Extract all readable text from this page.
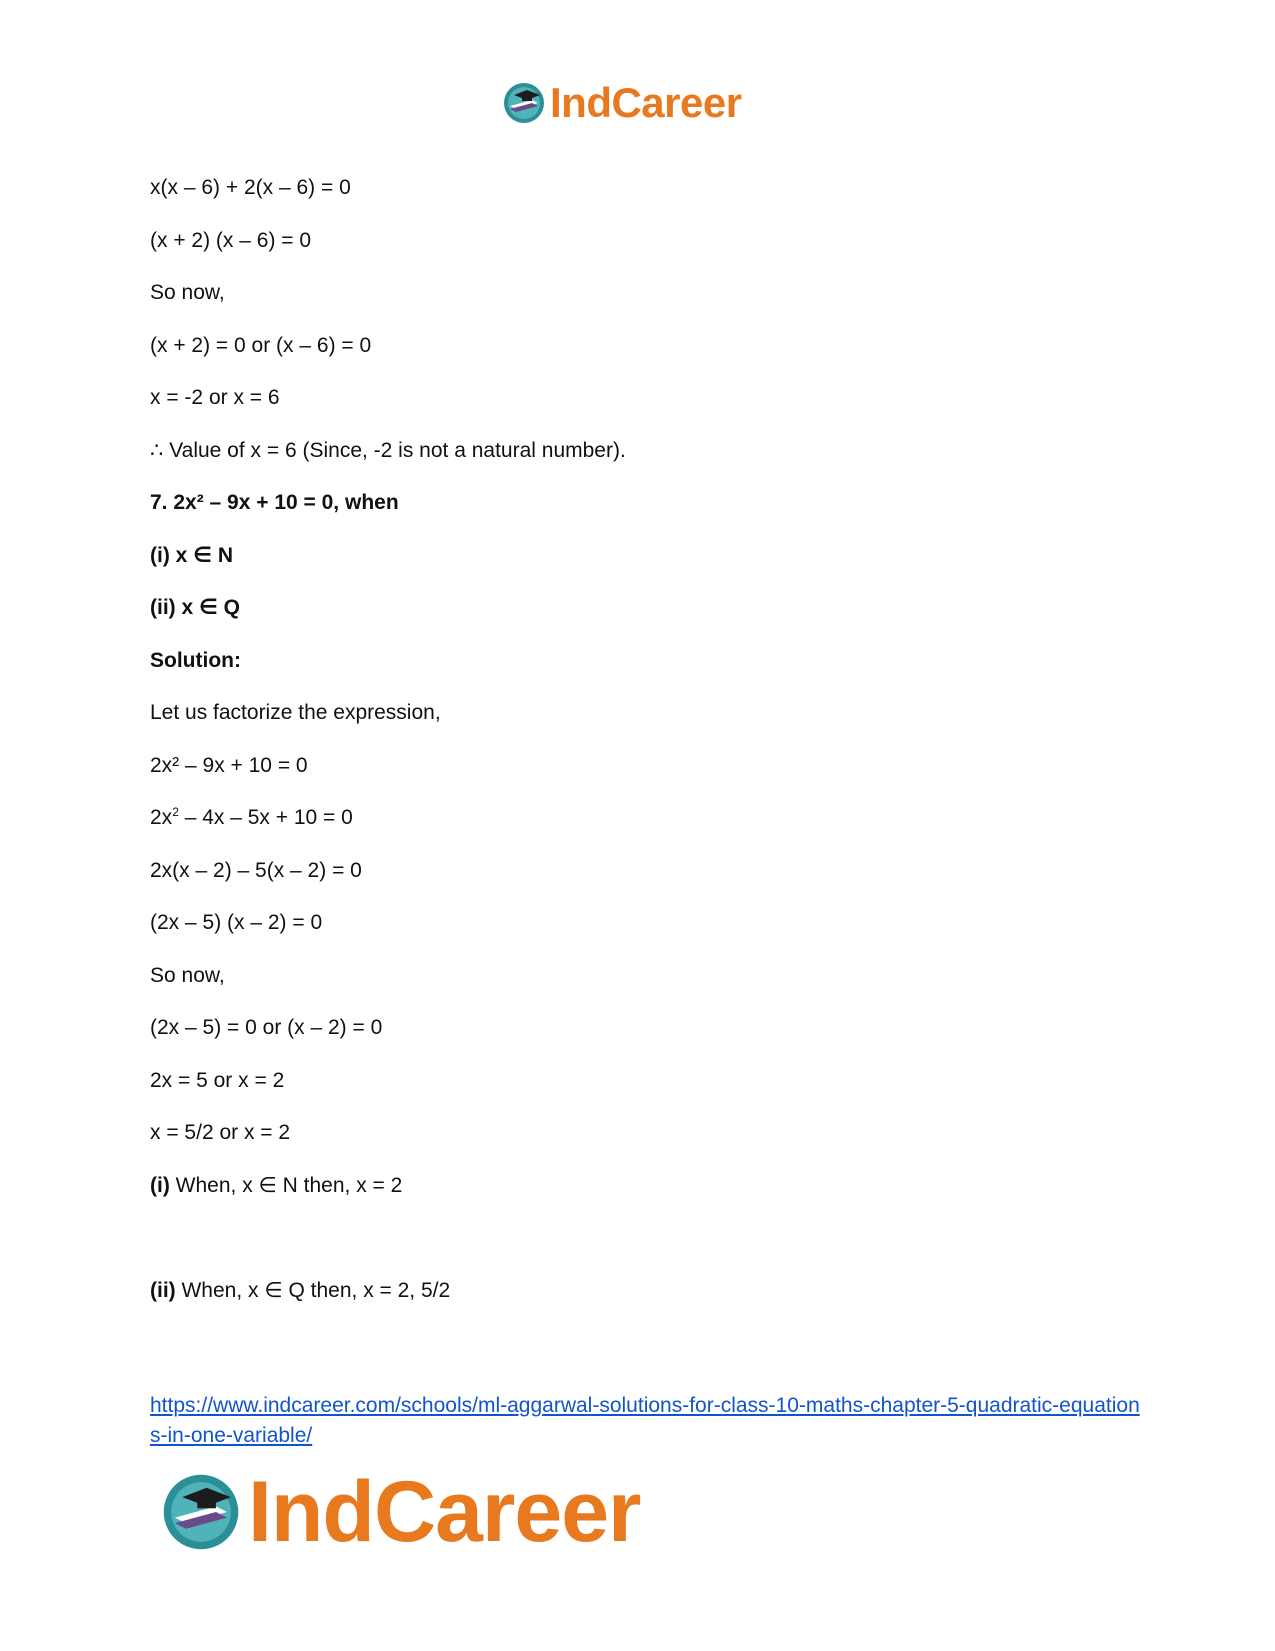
IndCareer
x(x – 6) + 2(x – 6) = 0
(x + 2) (x – 6) = 0
So now,
(x + 2) = 0 or (x – 6) = 0
x = -2 or x = 6
∴ Value of x = 6 (Since, -2 is not a natural number).
7. 2x² – 9x + 10 = 0, when
(i) x ∈ N
(ii) x ∈ Q
Solution:
Let us factorize the expression,
2x² – 9x + 10 = 0
$2x^2 - 4x - 5x + 10 = 0$
2x(x – 2) – 5(x – 2) = 0
(2x – 5) (x – 2) = 0
So now,
(2x – 5) = 0 or (x – 2) = 0
2x = 5 or x = 2
x = 5/2 or x = 2
(i) When, x ∈ N then, x = 2
(ii) When, x ∈ Q then, x = 2, 5/2
https://www.indcareer.com/schools/ml-aggarwal-solutions-for-class-10-maths-chapter-5-quadratic-equations-in-one-variable/
IndCareer
